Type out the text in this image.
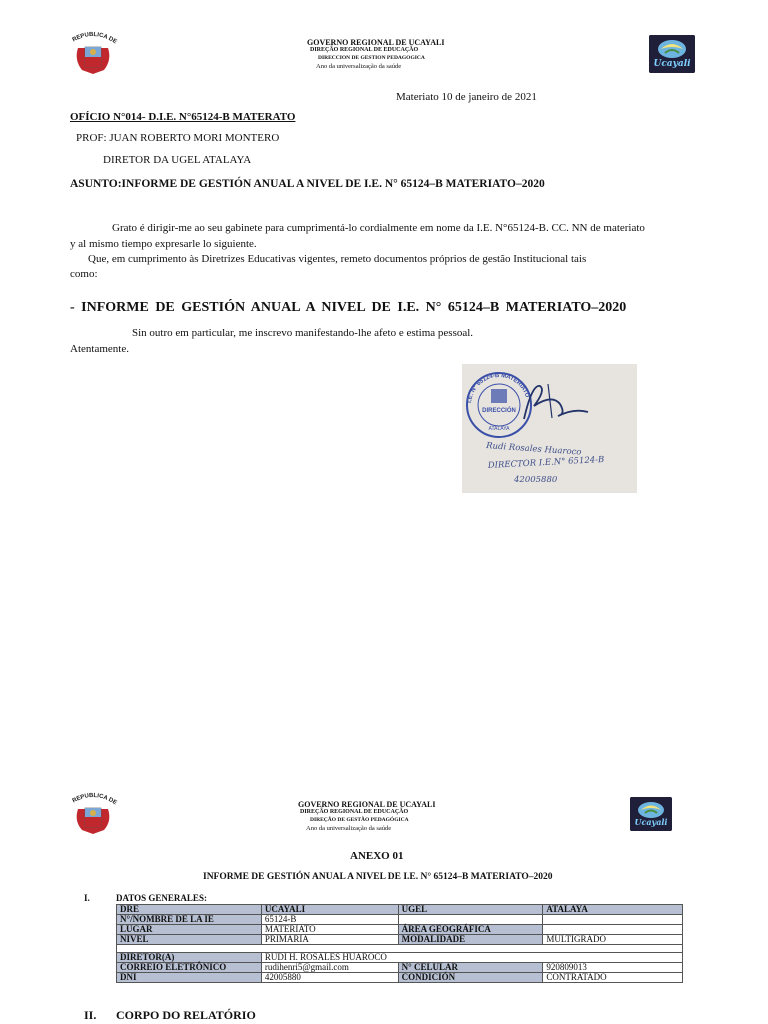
REPUBLICA DE	GOVERNO REGIONAL DE UCAYALI
DIREÇÃO REGIONAL DE EDUCAÇÃO
DIRECCION DE GESTION PEDAGOGICA
Ano da universalização da saúde	Ucayali
Materiato 10 de janeiro de 2021
OFÍCIO N°014- D.I.E. N°65124-B MATERATO
PROF: JUAN ROBERTO MORI MONTERO
DIRETOR DA UGEL ATALAYA
ASUNTO:INFORME DE GESTIÓN ANUAL A NIVEL DE I.E. N° 65124–B MATERIATO–2020
Grato é dirigir-me ao seu gabinete para cumprimentá-lo cordialmente em nome da I.E. N°65124-B. CC. NN de materiato
y al mismo tiempo expresarle lo siguiente.
Que, em cumprimento às Diretrizes Educativas vigentes, remeto documentos próprios de gestão Institucional tais
como:
- INFORME DE GESTIÓN ANUAL A NIVEL DE I.E. N° 65124–B MATERIATO–2020
Sin outro em particular, me inscrevo manifestando-lhe afeto e estima pessoal.
Atentamente.
I.E. N° 65124-B MATERIATO
DIRECCIÓN
ATALAYA
Rudi Rosales Huaroco
DIRECTOR I.E.N° 65124-B
42005880
REPUBLICA DE	GOVERNO REGIONAL DE UCAYALI
DIREÇÃO REGIONAL DE EDUCAÇÃO
DIREÇÃO DE GESTÃO PEDAGÓGICA
Ano da universalização da saúde
Ucayali
ANEXO 01
INFORME DE GESTIÓN ANUAL A NIVEL DE I.E. N° 65124–B MATERIATO–2020
I.	DATOS GENERALES:
DRE	UCAYALI	UGEL	ATALAYA
N°/NOMBRE DE LA IE	65124-B		
LUGAR	MATERIATO	ÁREA GEOGRÁFICA	
NIVEL	PRIMARIA	MODALIDADE	MULTIGRADO

DIRETOR(A)	RUDI H. ROSALES HUAROCO		
CORREIO ELETRÔNICO	rudihenri5@gmail.com	N° CELULAR	920809013
DNI	42005880	CONDICIÓN	CONTRATADO
II. CORPO DO RELATÓRIO
